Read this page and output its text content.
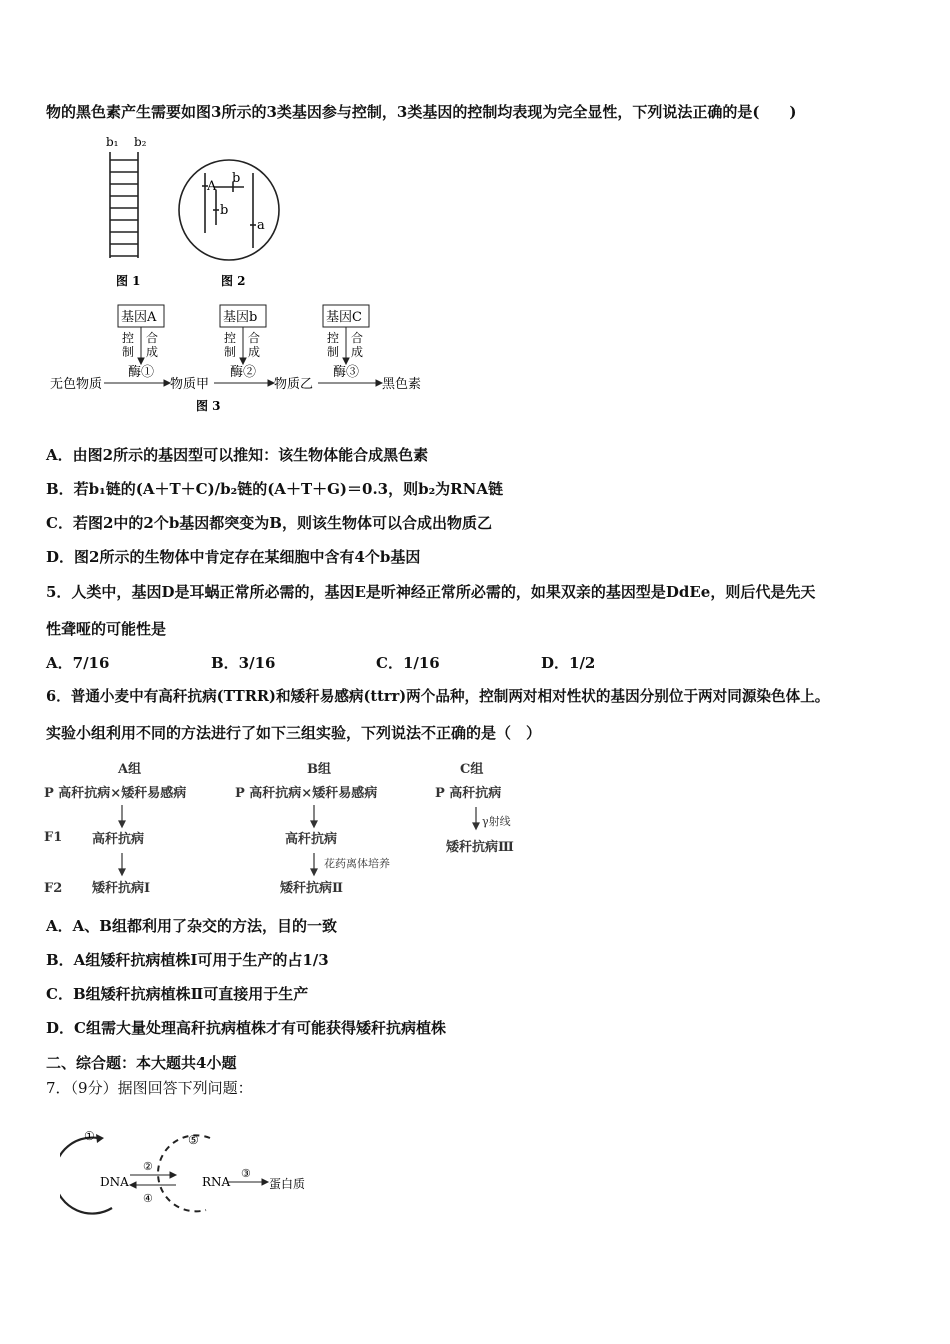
物的黑色素产生需要如图3所示的3类基因参与控制，3类基因的控制均表现为完全显性，下列说法正确的是(　　)
b₁ b₂
图 1
A
b
b
a
图 2
基因A	基因b	基因C
控
制
合
成
控
制
合
成
控
制
合
成
酶①	酶②	酶③
无色物质	物质甲	物质乙	黑色素
图 3
A．由图2所示的基因型可以推知：该生物体能合成黑色素
B．若b₁链的(A＋T＋C)/b₂链的(A＋T＋G)＝0.3，则b₂为RNA链
C．若图2中的2个b基因都突变为B，则该生物体可以合成出物质乙
D．图2所示的生物体中肯定存在某细胞中含有4个b基因
5．人类中，基因D是耳蜗正常所必需的，基因E是听神经正常所必需的，如果双亲的基因型是DdEe，则后代是先天
性聋哑的可能性是
A．7/16	B．3/16	C．1/16	D．1/2
6．普通小麦中有高秆抗病(TTRR)和矮秆易感病(ttrr)两个品种，控制两对相对性状的基因分别位于两对同源染色体上。
实验小组利用不同的方法进行了如下三组实验，下列说法不正确的是（　）
A组	B组	C组
P 高秆抗病×矮秆易感病	P 高秆抗病×矮秆易感病	P 高秆抗病
F1 高秆抗病	高秆抗病
F2 矮秆抗病Ⅰ	矮秆抗病Ⅱ
矮秆抗病Ⅲ
花药离体培养
γ射线
A．A、B组都利用了杂交的方法，目的一致
B．A组矮秆抗病植株Ⅰ可用于生产的占1/3
C．B组矮秆抗病植株Ⅱ可直接用于生产
D．C组需大量处理高秆抗病植株才有可能获得矮秆抗病植株
二、综合题：本大题共4小题
7．（9分）据图回答下列问题：
①
DNA
②
④
⑤
RNA
③
蛋白质
